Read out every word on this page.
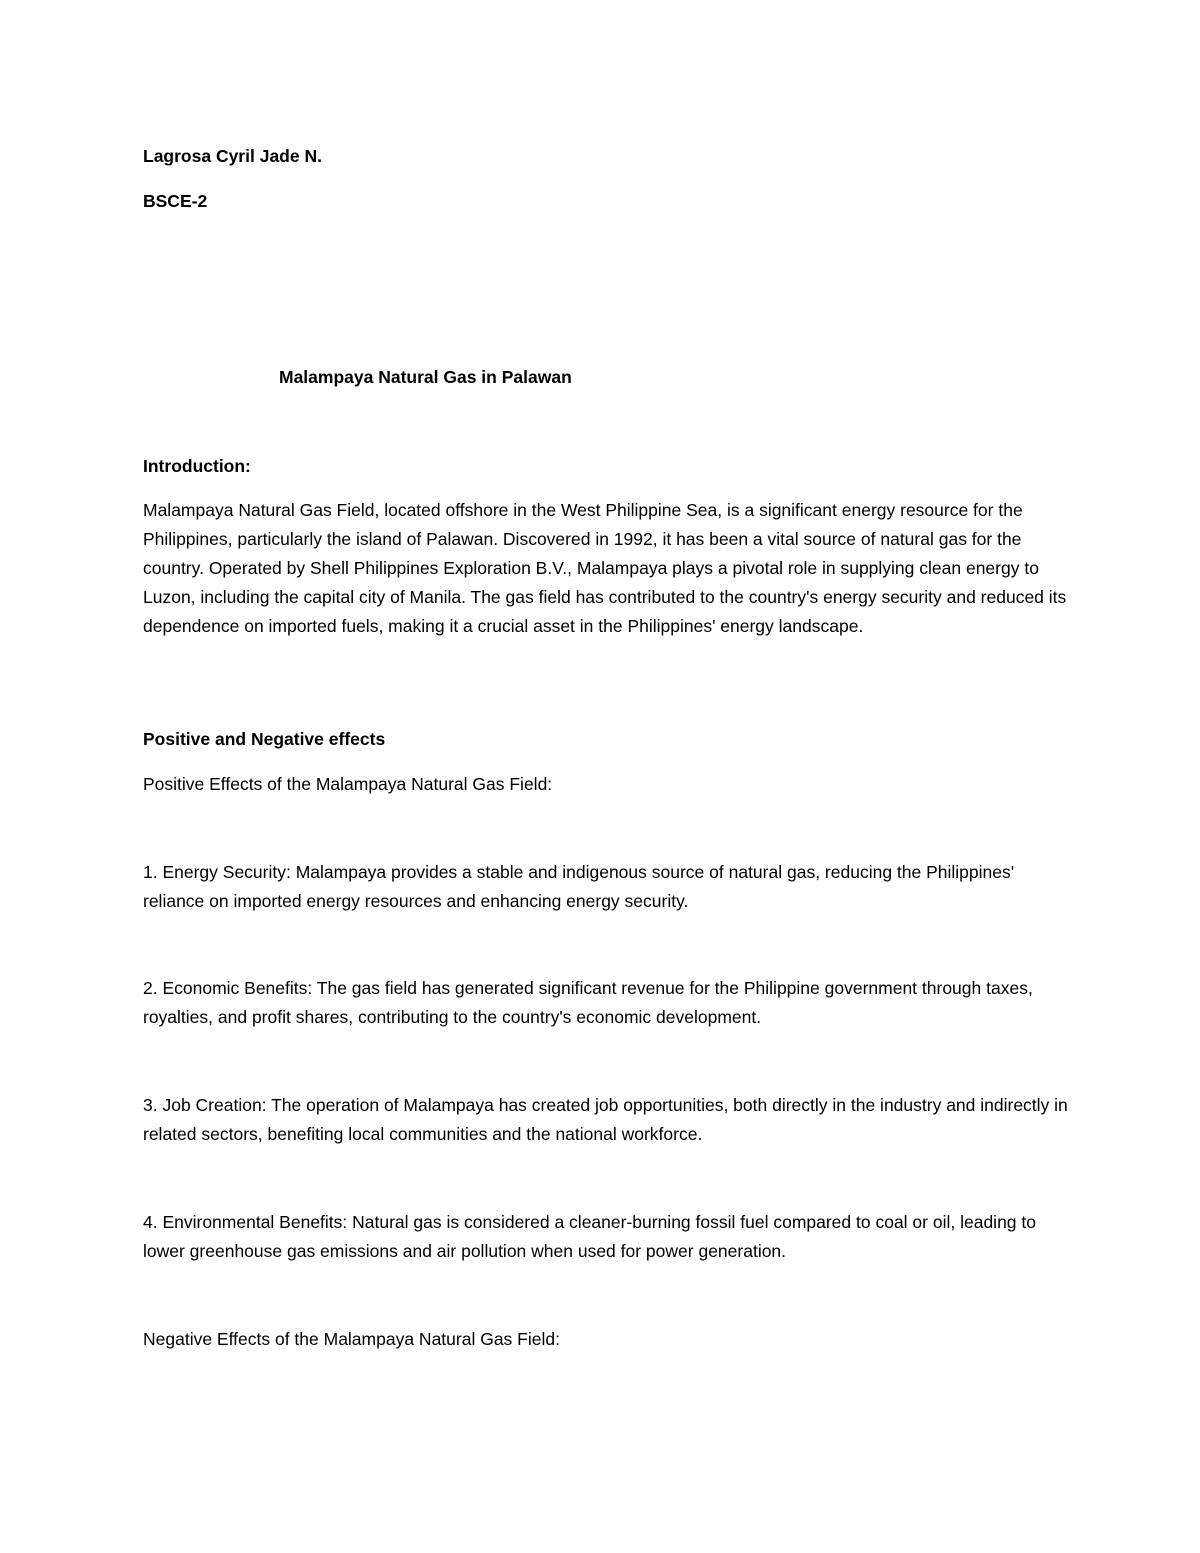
Lagrosa Cyril Jade N.

BSCE-2

Malampaya Natural Gas in Palawan

Introduction:

Malampaya Natural Gas Field, located offshore in the West Philippine Sea, is a significant energy resource for the Philippines, particularly the island of Palawan. Discovered in 1992, it has been a vital source of natural gas for the country. Operated by Shell Philippines Exploration B.V., Malampaya plays a pivotal role in supplying clean energy to Luzon, including the capital city of Manila. The gas field has contributed to the country's energy security and reduced its dependence on imported fuels, making it a crucial asset in the Philippines' energy landscape.

Positive and Negative effects

Positive Effects of the Malampaya Natural Gas Field:

1. Energy Security: Malampaya provides a stable and indigenous source of natural gas, reducing the Philippines' reliance on imported energy resources and enhancing energy security.

2. Economic Benefits: The gas field has generated significant revenue for the Philippine government through taxes, royalties, and profit shares, contributing to the country's economic development.

3. Job Creation: The operation of Malampaya has created job opportunities, both directly in the industry and indirectly in related sectors, benefiting local communities and the national workforce.

4. Environmental Benefits: Natural gas is considered a cleaner-burning fossil fuel compared to coal or oil, leading to lower greenhouse gas emissions and air pollution when used for power generation.

Negative Effects of the Malampaya Natural Gas Field:
